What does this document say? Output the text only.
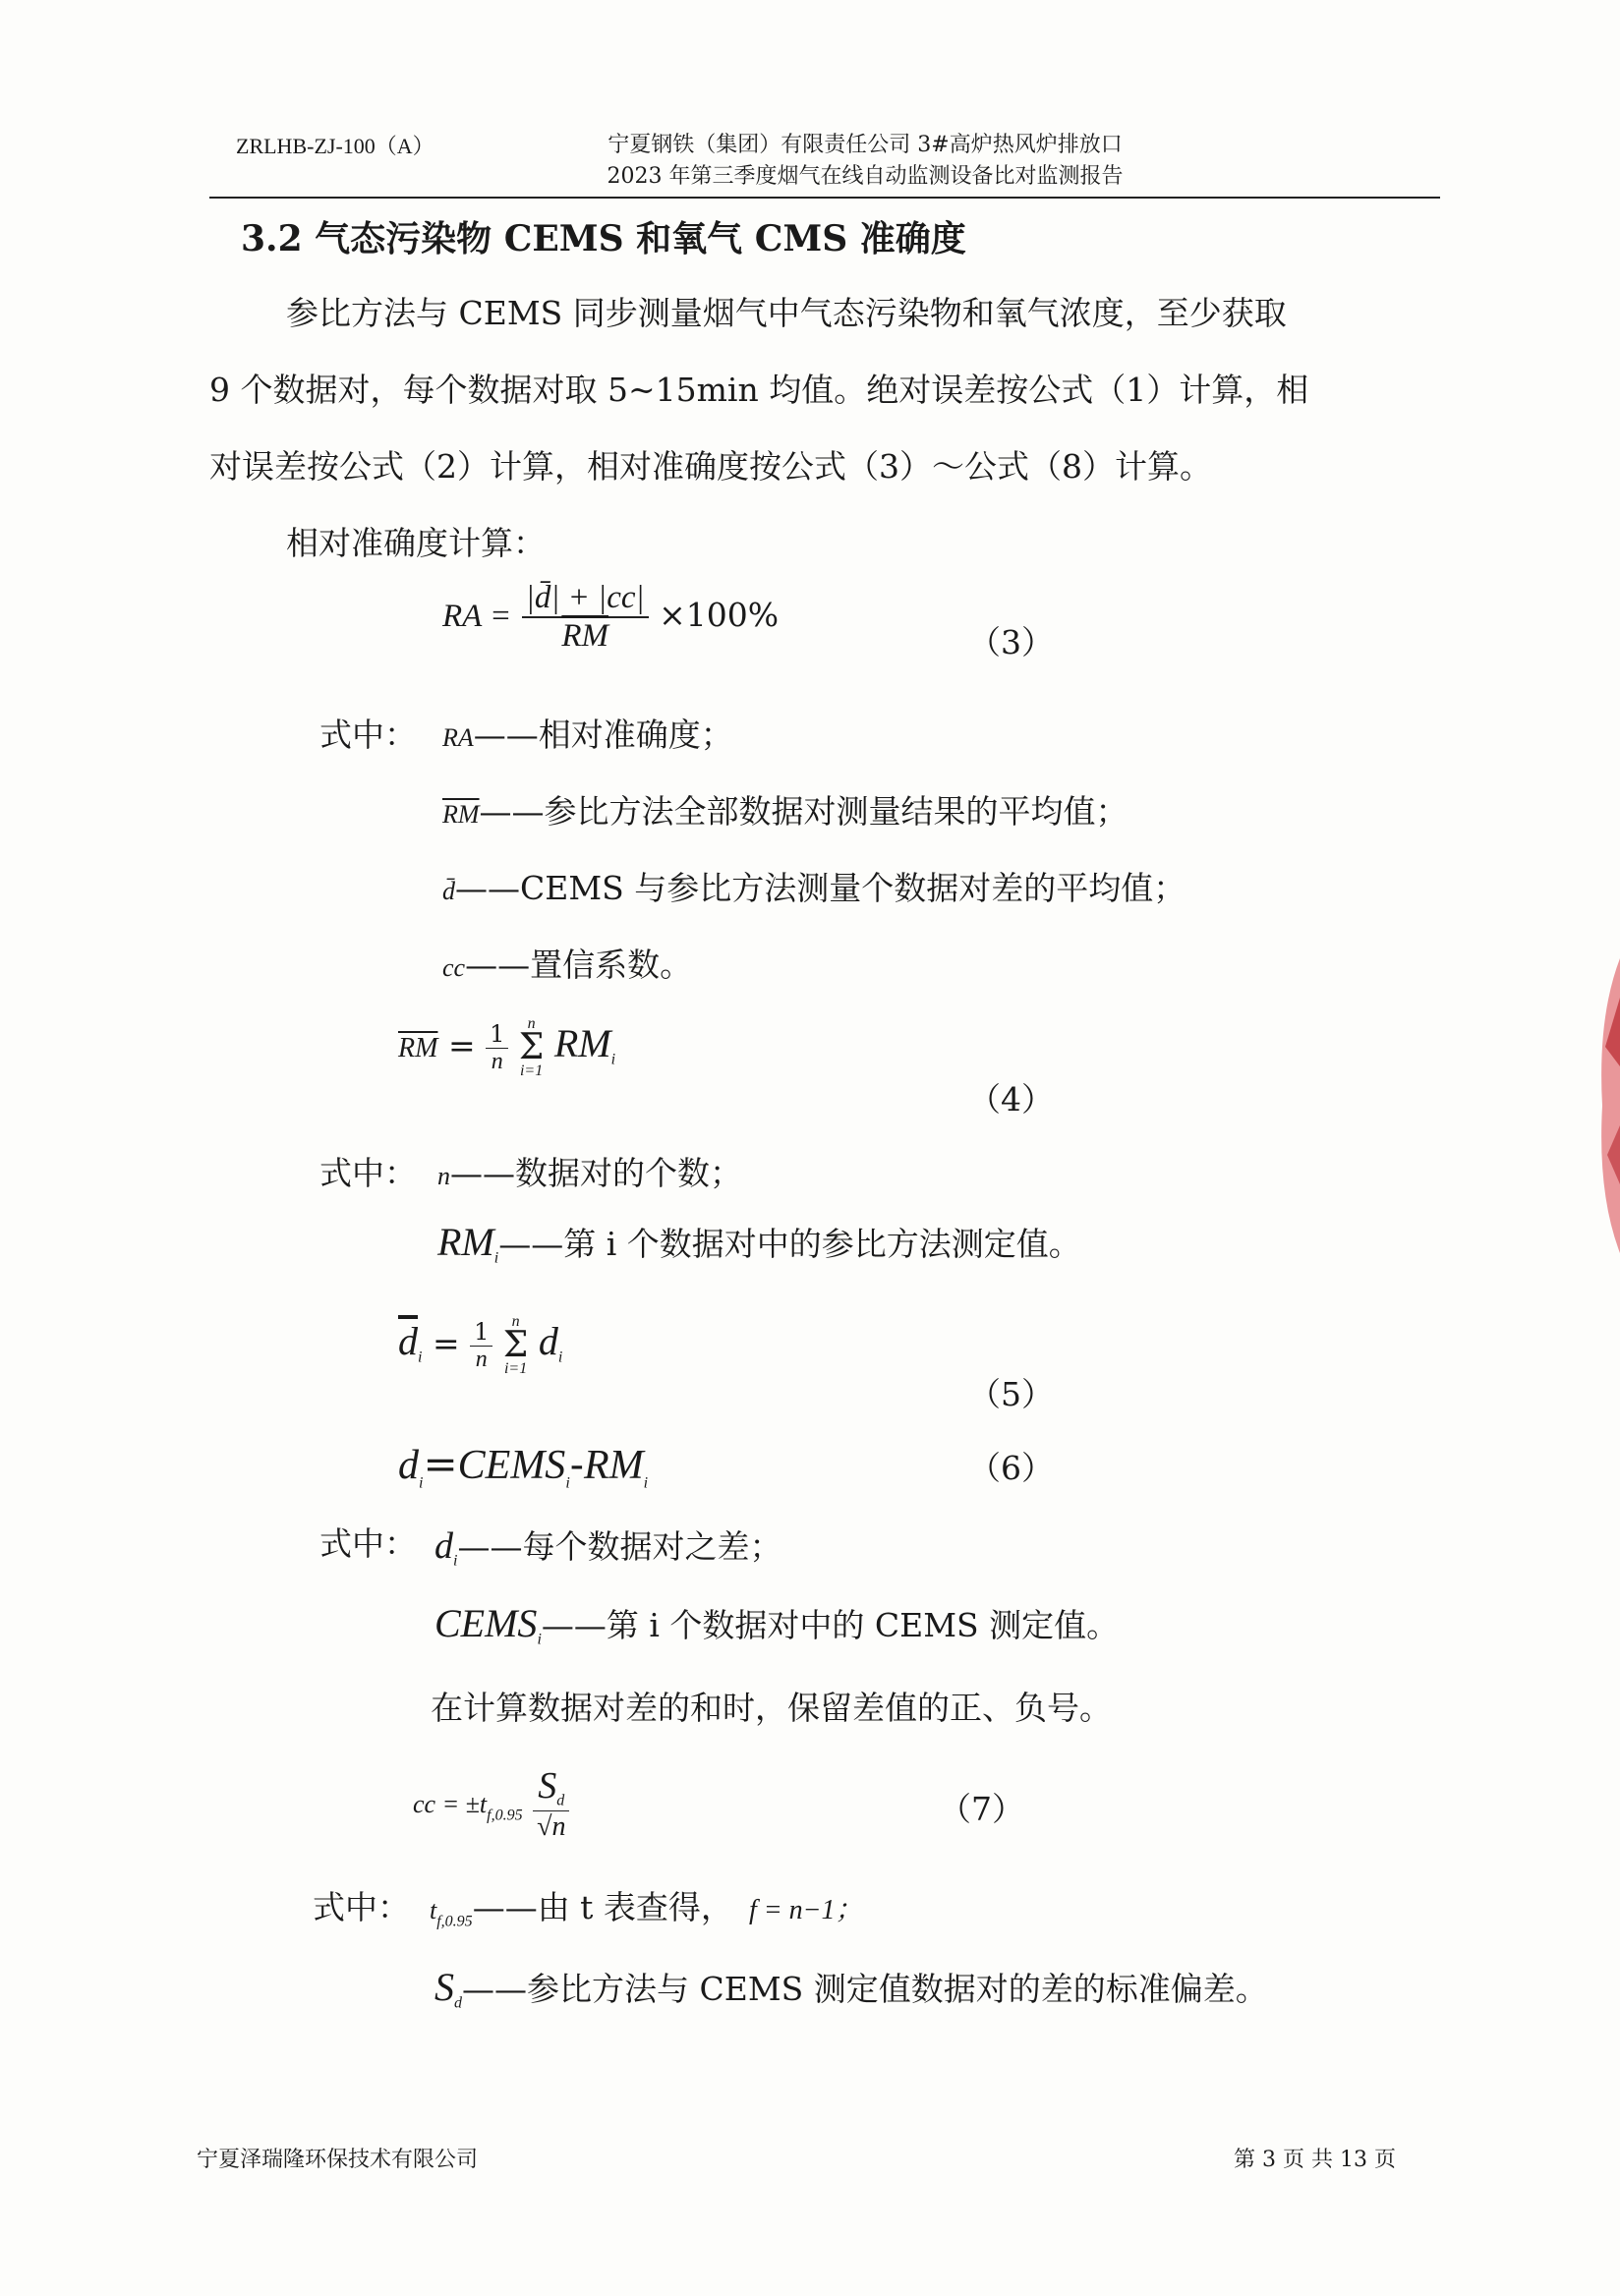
ZRLHB-ZJ-100（A）	宁夏钢铁（集团）有限责任公司 3#高炉热风炉排放口
2023 年第三季度烟气在线自动监测设备比对监测报告
3.2 气态污染物 CEMS 和氧气 CMS 准确度
参比方法与 CEMS 同步测量烟气中气态污染物和氧气浓度，至少获取
9 个数据对，每个数据对取 5~15min 均值。绝对误差按公式（1）计算，相
对误差按公式（2）计算，相对准确度按公式（3）～公式（8）计算。
相对准确度计算：
RA = $\frac{|d̄| + |cc|}{RM} \times 100\%$
（3）
式中： RA——相对准确度；
$\overline{RM}——$参比方法全部数据对测量结果的平均值；
d̄——CEMS 与参比方法测量个数据对差的平均值；
cc——置信系数。
$\overline{RM} = \frac{1}{n}$
	n
Σ
i=1
$RM_i$
（4）
式中： n——数据对的个数；
$RM_i——$第 i 个数据对中的参比方法测定值。
$\overline{d}_i = \frac{1}{n}$
	n
Σ
i=1
$d_i$
（5）
$d_i=CEMS_i-RM_i$	（6）
式中： $d_i——$每个数据对之差；
$CEMS_i——$第 i 个数据对中的 CEMS 测定值。
在计算数据对差的和时，保留差值的正、负号。
cc = $\pm t_{f,0.95} \frac{S_d}{√n}$	（7）
式中： $t_{f,0.95}——$由 t 表查得， f = n−1；
$S_d——$参比方法与 CEMS 测定值数据对的差的标准偏差。
宁夏泽瑞隆环保技术有限公司	第 3 页 共 13 页
